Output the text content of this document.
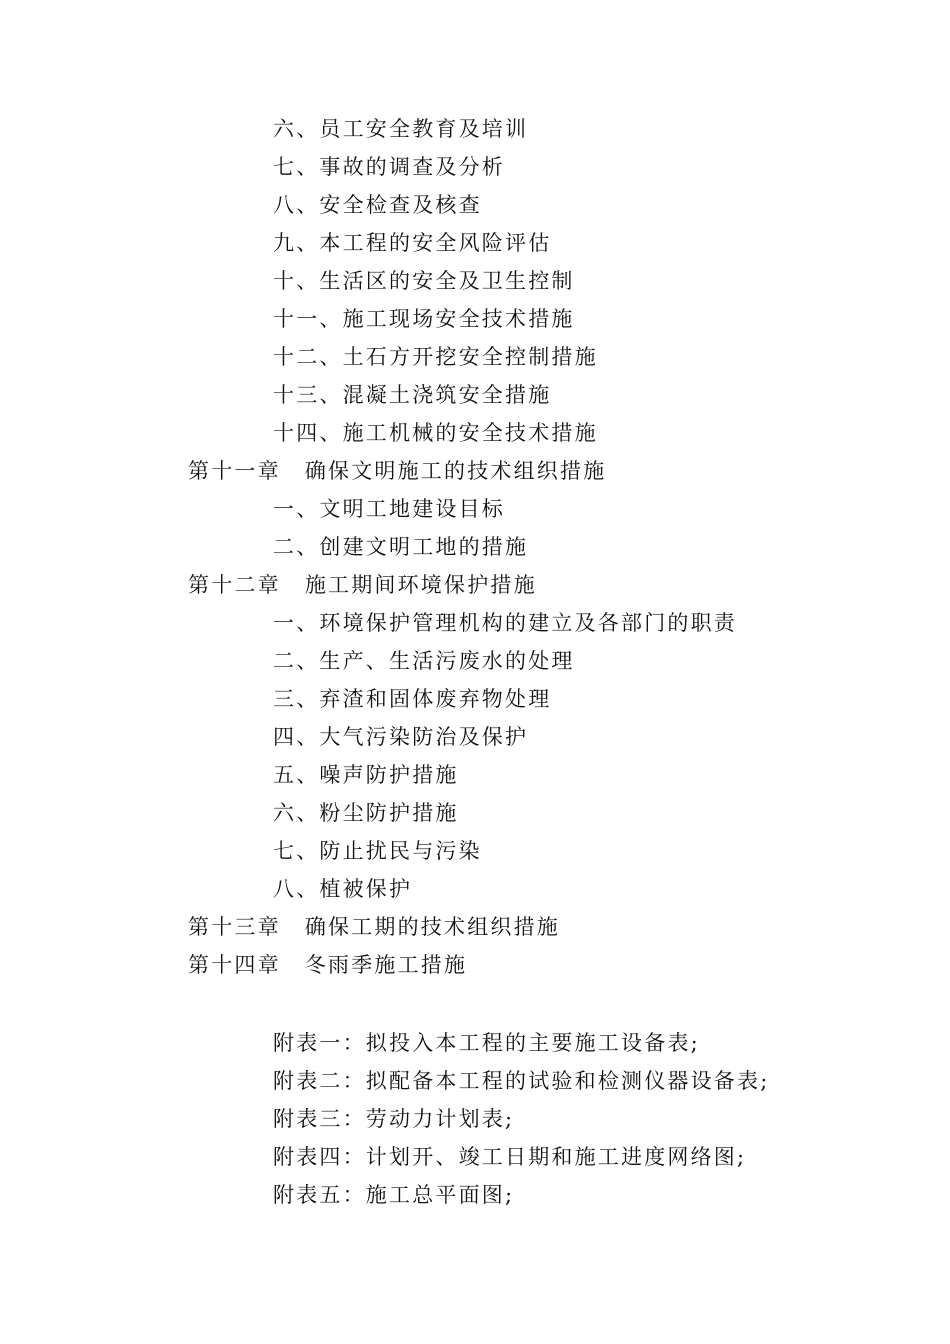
六、员工安全教育及培训
七、事故的调查及分析
八、安全检查及核查
九、本工程的安全风险评估
十、生活区的安全及卫生控制
十一、施工现场安全技术措施
十二、土石方开挖安全控制措施
十三、混凝土浇筑安全措施
十四、施工机械的安全技术措施
第十一章 确保文明施工的技术组织措施
一、文明工地建设目标
二、创建文明工地的措施
第十二章 施工期间环境保护措施
一、环境保护管理机构的建立及各部门的职责
二、生产、生活污废水的处理
三、弃渣和固体废弃物处理
四、大气污染防治及保护
五、噪声防护措施
六、粉尘防护措施
七、防止扰民与污染
八、植被保护
第十三章 确保工期的技术组织措施
第十四章 冬雨季施工措施
附表一：拟投入本工程的主要施工设备表;
附表二：拟配备本工程的试验和检测仪器设备表;
附表三：劳动力计划表;
附表四：计划开、竣工日期和施工进度网络图;
附表五：施工总平面图;
